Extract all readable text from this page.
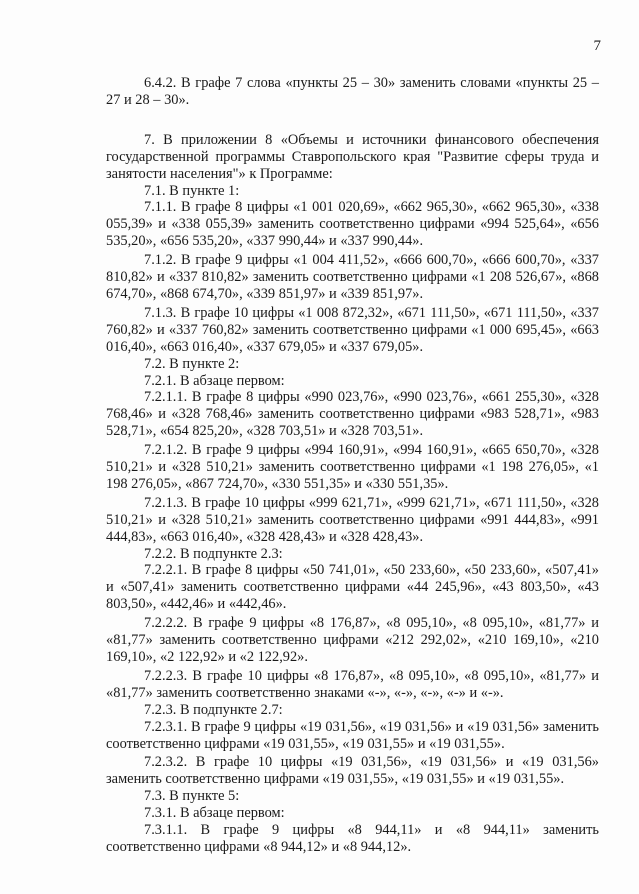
7

6.4.2. В графе 7 слова «пункты 25 – 30» заменить словами «пункты 25 – 27 и 28 – 30».

7. В приложении 8 «Объемы и источники финансового обеспечения государственной программы Ставропольского края "Развитие сферы труда и занятости населения"» к Программе:

7.1. В пункте 1:

7.1.1. В графе 8 цифры «1 001 020,69», «662 965,30», «662 965,30», «338 055,39» и «338 055,39» заменить соответственно цифрами «994 525,64», «656 535,20», «656 535,20», «337 990,44» и «337 990,44».

7.1.2. В графе 9 цифры «1 004 411,52», «666 600,70», «666 600,70», «337 810,82» и «337 810,82» заменить соответственно цифрами «1 208 526,67», «868 674,70», «868 674,70», «339 851,97» и «339 851,97».

7.1.3. В графе 10 цифры «1 008 872,32», «671 111,50», «671 111,50», «337 760,82» и «337 760,82» заменить соответственно цифрами «1 000 695,45», «663 016,40», «663 016,40», «337 679,05» и «337 679,05».

7.2. В пункте 2:

7.2.1. В абзаце первом:

7.2.1.1. В графе 8 цифры «990 023,76», «990 023,76», «661 255,30», «328 768,46» и «328 768,46» заменить соответственно цифрами «983 528,71», «983 528,71», «654 825,20», «328 703,51» и «328 703,51».

7.2.1.2. В графе 9 цифры «994 160,91», «994 160,91», «665 650,70», «328 510,21» и «328 510,21» заменить соответственно цифрами «1 198 276,05», «1 198 276,05», «867 724,70», «330 551,35» и «330 551,35».

7.2.1.3. В графе 10 цифры «999 621,71», «999 621,71», «671 111,50», «328 510,21» и «328 510,21» заменить соответственно цифрами «991 444,83», «991 444,83», «663 016,40», «328 428,43» и «328 428,43».

7.2.2. В подпункте 2.3:

7.2.2.1. В графе 8 цифры «50 741,01», «50 233,60», «50 233,60», «507,41» и «507,41» заменить соответственно цифрами «44 245,96», «43 803,50», «43 803,50», «442,46» и «442,46».

7.2.2.2. В графе 9 цифры «8 176,87», «8 095,10», «8 095,10», «81,77» и «81,77» заменить соответственно цифрами «212 292,02», «210 169,10», «210 169,10», «2 122,92» и «2 122,92».

7.2.2.3. В графе 10 цифры «8 176,87», «8 095,10», «8 095,10», «81,77» и «81,77» заменить соответственно знаками «-», «-», «-», «-» и «-».

7.2.3. В подпункте 2.7:

7.2.3.1. В графе 9 цифры «19 031,56», «19 031,56» и «19 031,56» заменить соответственно цифрами «19 031,55», «19 031,55» и «19 031,55».

7.2.3.2. В графе 10 цифры «19 031,56», «19 031,56» и «19 031,56» заменить соответственно цифрами «19 031,55», «19 031,55» и «19 031,55».

7.3. В пункте 5:

7.3.1. В абзаце первом:

7.3.1.1. В графе 9 цифры «8 944,11» и «8 944,11» заменить соответственно цифрами «8 944,12» и «8 944,12».
